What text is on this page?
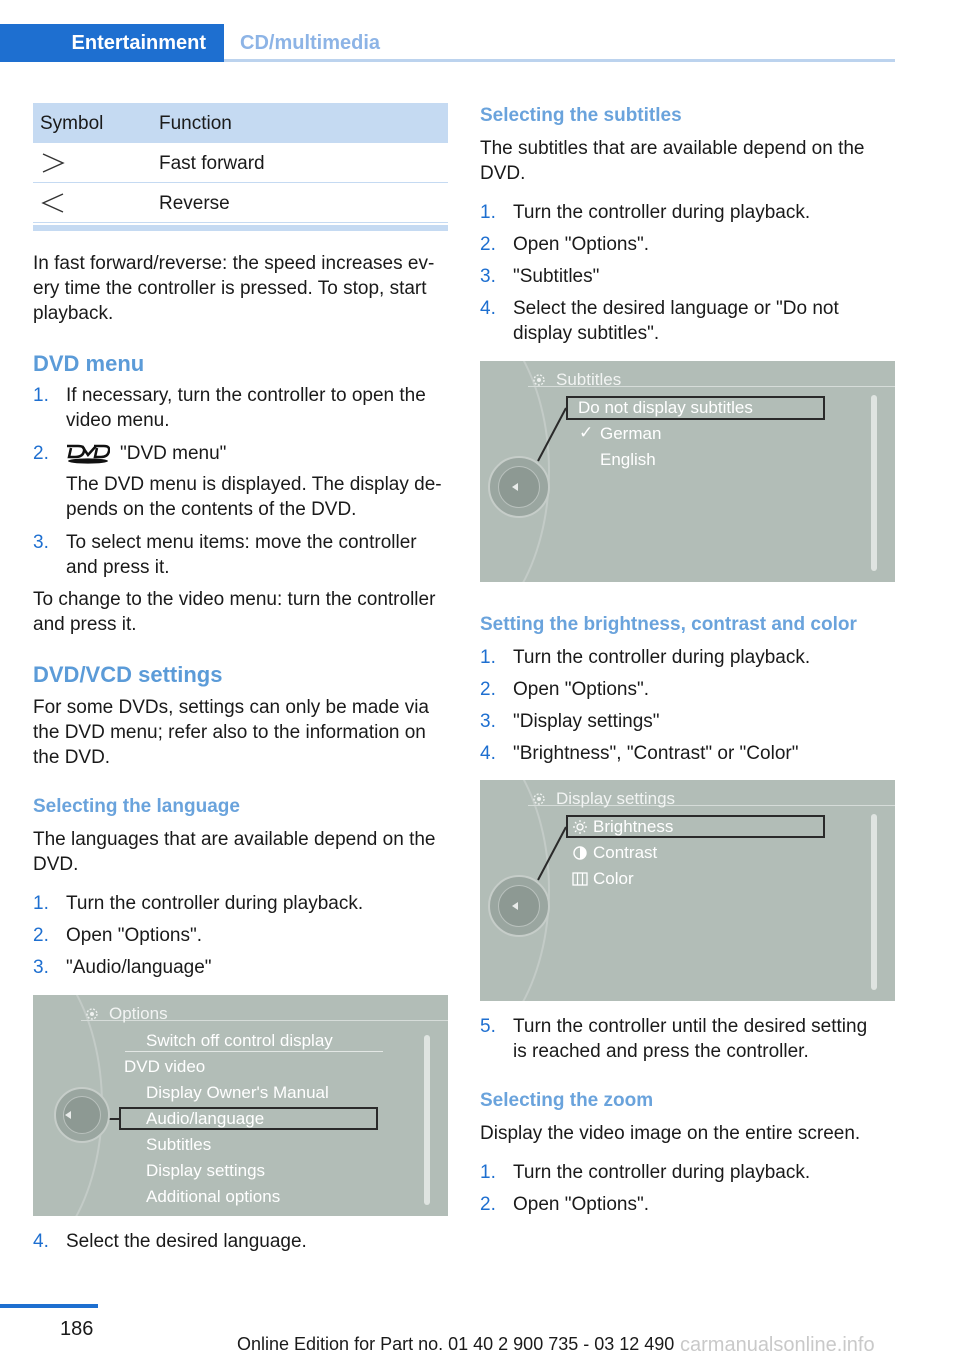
Entertainment CD/multimedia
Symbol	Function
Fast forward
Reverse

In fast forward/reverse: the speed increases ev-

ery time the controller is pressed. To stop, start

playback.

DVD menu
1. If necessary, turn the controller to open the
video menu.
2.	"DVD menu"
The DVD menu is displayed. The display de-
pends on the contents of the DVD.
3. To select menu items: move the controller
and press it.

To change to the video menu: turn the controller

and press it.

DVD/VCD settings

For some DVDs, settings can only be made via

the DVD menu; refer also to the information on

the DVD.

Selecting the language

The languages that are available depend on the

DVD.

1. Turn the controller during playback.
2. Open "Options".
3. "Audio/language"
Options
Switch off control display
DVD video
Display Owner's Manual
Audio/language
Subtitles
Display settings
Additional options
4. Select the desired language.
Selecting the subtitles

The subtitles that are available depend on the

DVD.

1. Turn the controller during playback.
2. Open "Options".
3. "Subtitles"
4. Select the desired language or "Do not
display subtitles".
Subtitles
Do not display subtitles
✓ German
English
Setting the brightness, contrast and color
1. Turn the controller during playback.
2. Open "Options".
3. "Display settings"
4. "Brightness", "Contrast" or "Color"
Display settings
Brightness
Contrast
Color
5. Turn the controller until the desired setting
is reached and press the controller.
Selecting the zoom

Display the video image on the entire screen.

1. Turn the controller during playback.
2. Open "Options".
186
Online Edition for Part no. 01 40 2 900 735 - 03 12 490 carmanualsonline.info
